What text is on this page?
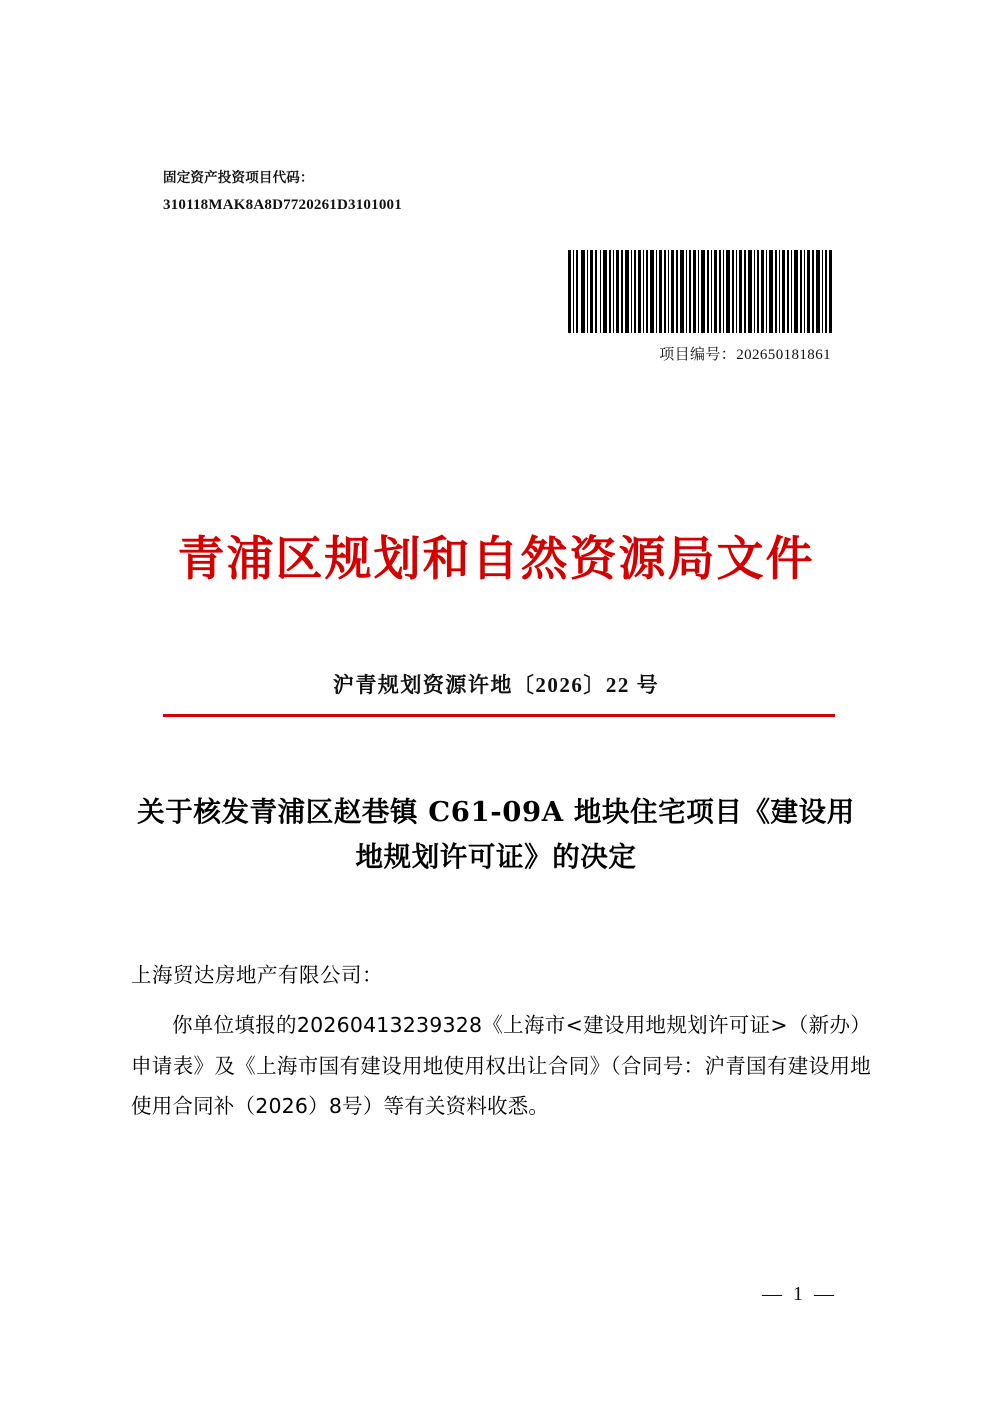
固定资产投资项目代码：
310118MAK8A8D7720261D3101001
项目编号：202650181861
青浦区规划和自然资源局文件
沪青规划资源许地〔2026〕22 号
关于核发青浦区赵巷镇 C61-09A 地块住宅项目《建设用地规划许可证》的决定
上海贸达房地产有限公司：
你单位填报的20260413239328《上海市<建设用地规划许可证>（新办）申请表》及《上海市国有建设用地使用权出让合同》（合同号：沪青国有建设用地使用合同补（2026）8号）等有关资料收悉。
— 1 —
